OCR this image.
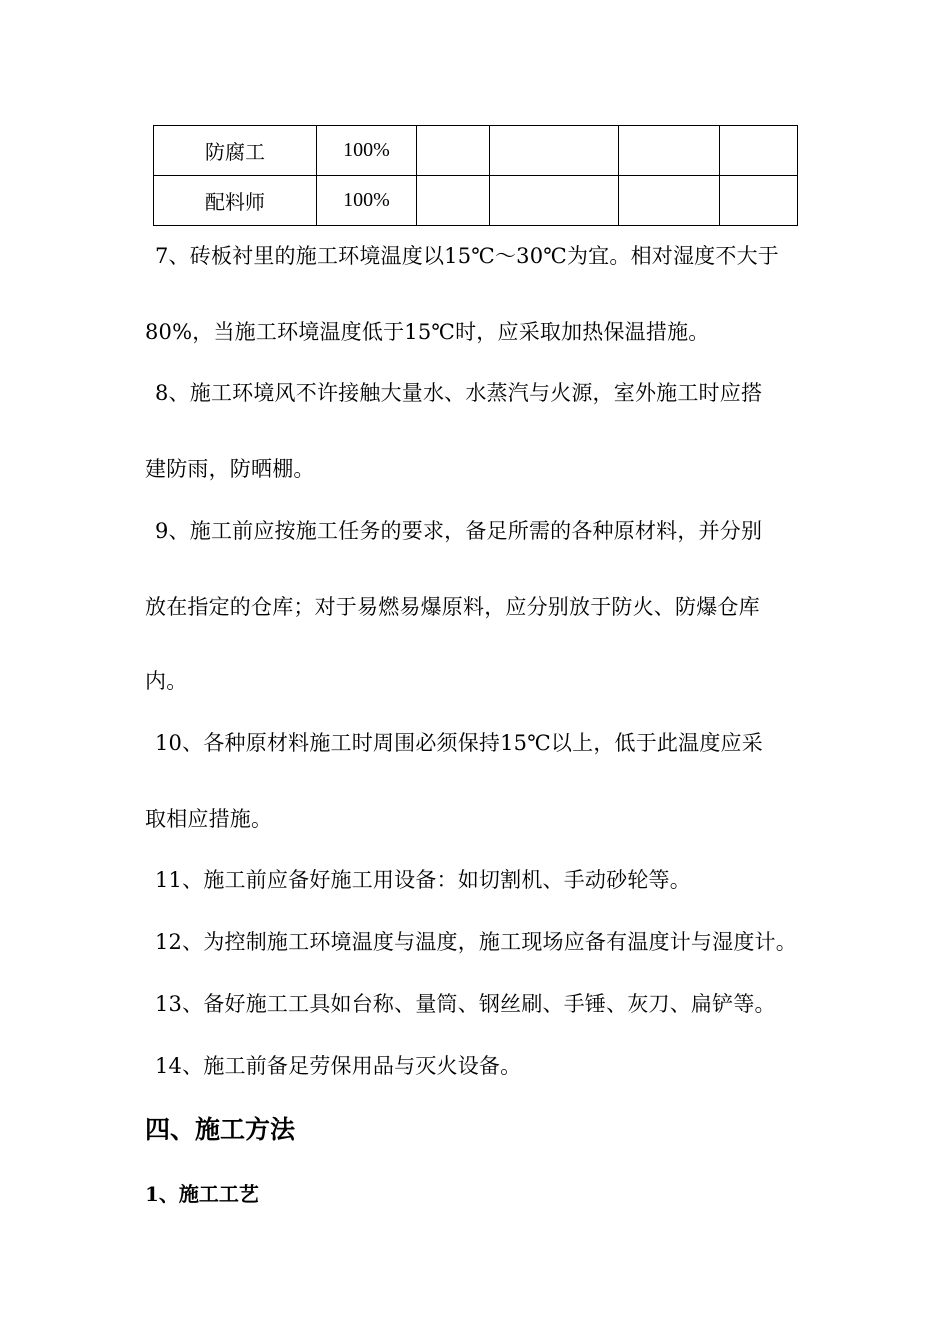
防腐工	100%				
配料师	100%				
7、砖板衬里的施工环境温度以15℃～30℃为宜。相对湿度不大于
80%，当施工环境温度低于15℃时，应采取加热保温措施。
8、施工环境风不许接触大量水、水蒸汽与火源，室外施工时应搭
建防雨，防晒棚。
9、施工前应按施工任务的要求，备足所需的各种原材料，并分别
放在指定的仓库；对于易燃易爆原料，应分别放于防火、防爆仓库
内。
10、各种原材料施工时周围必须保持15℃以上，低于此温度应采
取相应措施。
11、施工前应备好施工用设备：如切割机、手动砂轮等。
12、为控制施工环境温度与温度，施工现场应备有温度计与湿度计。
13、备好施工工具如台称、量筒、钢丝刷、手锤、灰刀、扁铲等。
14、施工前备足劳保用品与灭火设备。
四、施工方法
1、施工工艺
